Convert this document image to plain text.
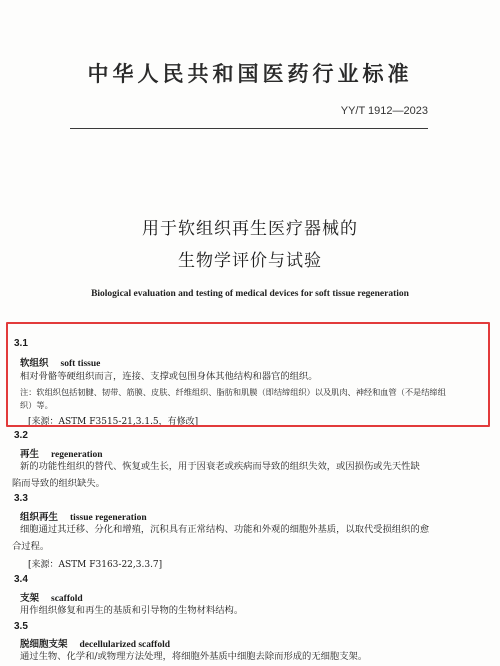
中华人民共和国医药行业标准
YY/T 1912—2023
用于软组织再生医疗器械的
生物学评价与试验
Biological evaluation and testing of medical devices for soft tissue regeneration
3.1
软组织 soft tissue
相对骨骼等硬组织而言，连接、支撑或包围身体其他结构和器官的组织。
注：软组织包括韧腱、韧带、筋膜、皮肤、纤维组织、脂肪和肌膜（即结缔组织）以及肌肉、神经和血管（不是结缔组
织）等。
[来源：ASTM F3515-21,3.1.5，有修改]
3.2
再生 regeneration
新的功能性组织的替代、恢复或生长，用于因衰老或疾病而导致的组织失效，或因损伤或先天性缺
陷而导致的组织缺失。
3.3
组织再生 tissue regeneration
细胞通过其迁移、分化和增殖，沉积具有正常结构、功能和外观的细胞外基质，以取代受损组织的愈
合过程。
[来源：ASTM F3163-22,3.3.7]
3.4
支架 scaffold
用作组织修复和再生的基质和引导物的生物材料结构。
3.5
脱细胞支架 decellularized scaffold
通过生物、化学和/或物理方法处理，将细胞外基质中细胞去除而形成的无细胞支架。
